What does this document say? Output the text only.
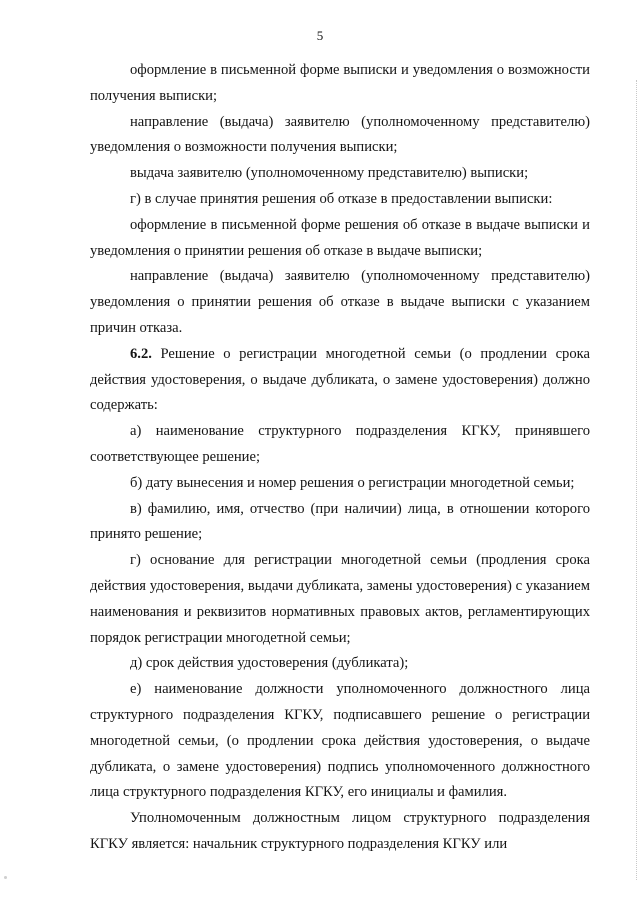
5

оформление в письменной форме выписки и уведомления о возможности получения выписки;

направление (выдача) заявителю (уполномоченному представителю) уведомления о возможности получения выписки;

выдача заявителю (уполномоченному представителю) выписки;

г) в случае принятия решения об отказе в предоставлении выписки:

оформление в письменной форме решения об отказе в выдаче выписки и уведомления о принятии решения об отказе в выдаче выписки;

направление (выдача) заявителю (уполномоченному представителю) уведомления о принятии решения об отказе в выдаче выписки с указанием причин отказа.

6.2. Решение о регистрации многодетной семьи (о продлении срока действия удостоверения, о выдаче дубликата, о замене удостоверения) должно содержать:

а) наименование структурного подразделения КГКУ, принявшего соответствующее решение;

б) дату вынесения и номер решения о регистрации многодетной семьи;

в) фамилию, имя, отчество (при наличии) лица, в отношении которого принято решение;

г) основание для регистрации многодетной семьи (продления срока действия удостоверения, выдачи дубликата, замены удостоверения) с указанием наименования и реквизитов нормативных правовых актов, регламентирующих порядок регистрации многодетной семьи;

д) срок действия удостоверения (дубликата);

е) наименование должности уполномоченного должностного лица структурного подразделения КГКУ, подписавшего решение о регистрации многодетной семьи, (о продлении срока действия удостоверения, о выдаче дубликата, о замене удостоверения) подпись уполномоченного должностного лица структурного подразделения КГКУ, его инициалы и фамилия.

Уполномоченным должностным лицом структурного подразделения КГКУ является: начальник структурного подразделения КГКУ или
